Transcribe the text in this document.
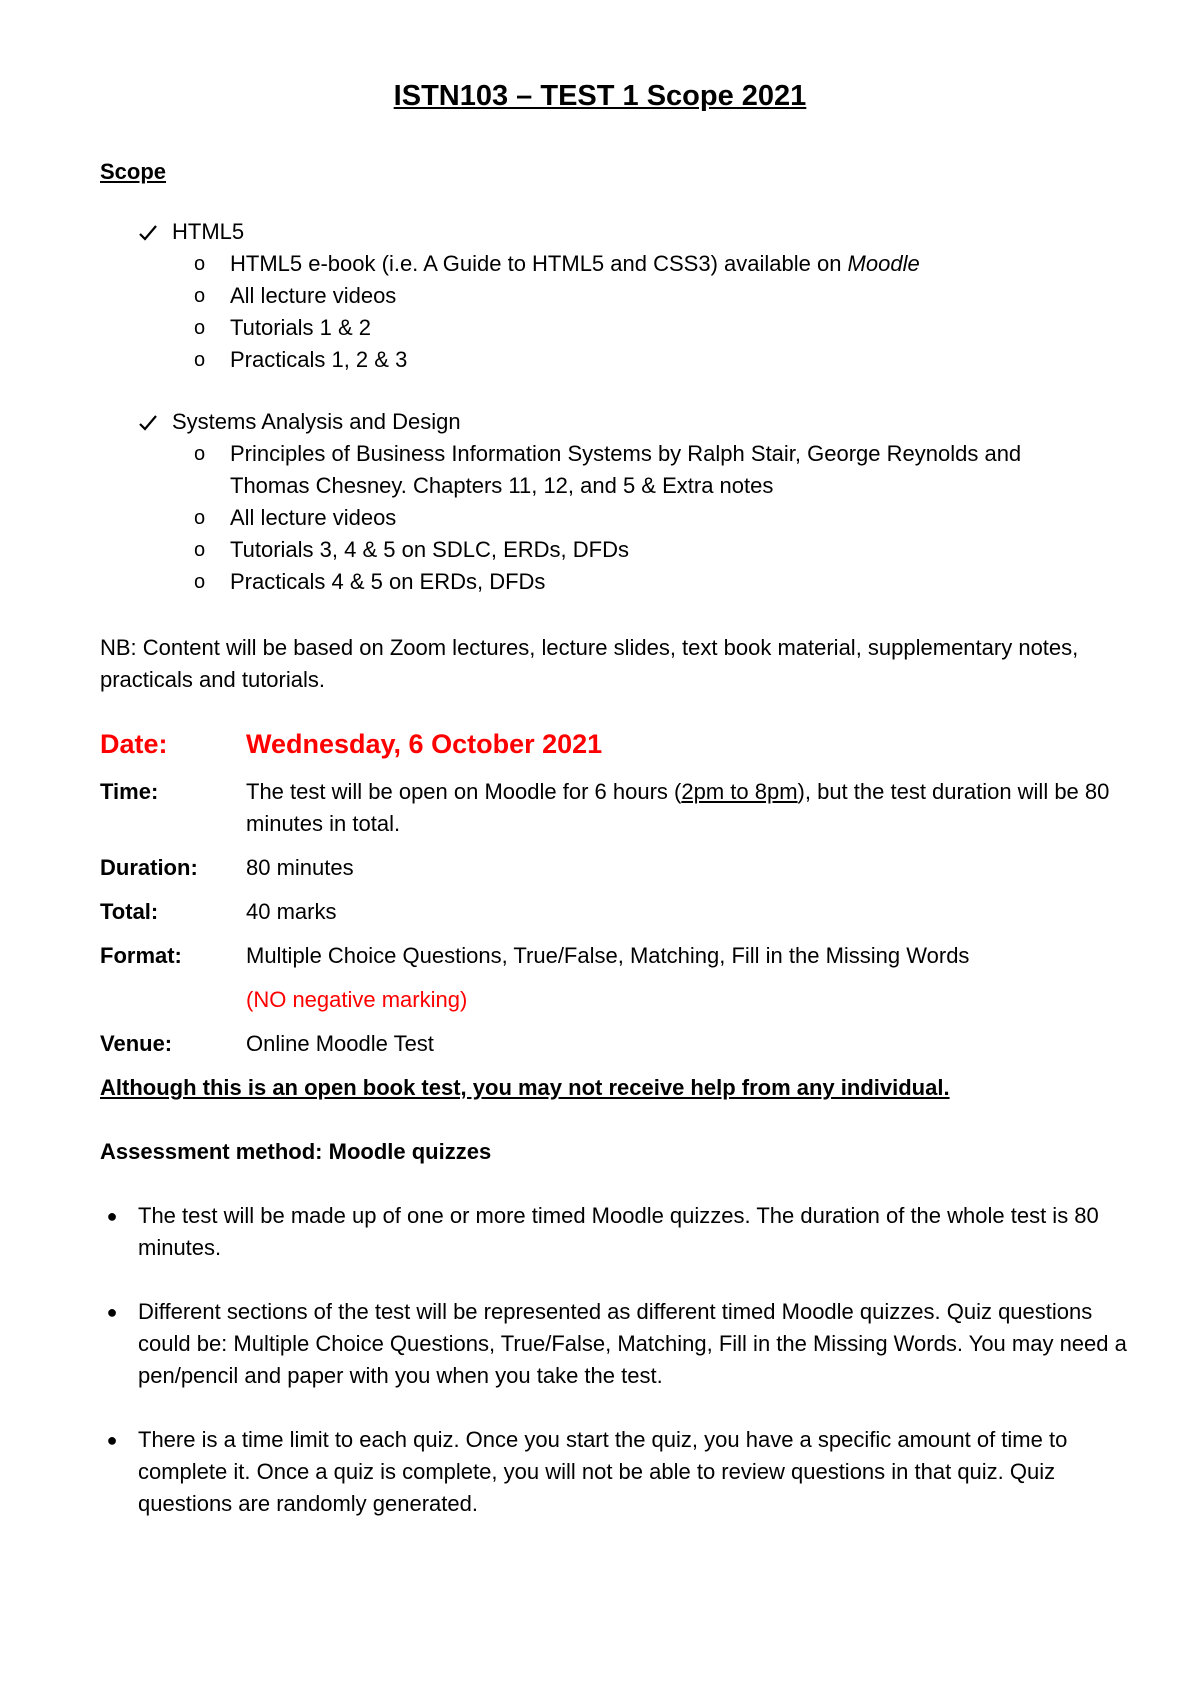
ISTN103 – TEST 1 Scope 2021
Scope
HTML5
o HTML5 e-book (i.e. A Guide to HTML5 and CSS3) available on Moodle
o All lecture videos
o Tutorials 1 & 2
o Practicals 1, 2 & 3
Systems Analysis and Design
o Principles of Business Information Systems by Ralph Stair, George Reynolds and
Thomas Chesney. Chapters 11, 12, and 5 & Extra notes
o All lecture videos
o Tutorials 3, 4 & 5 on SDLC, ERDs, DFDs
o Practicals 4 & 5 on ERDs, DFDs
NB: Content will be based on Zoom lectures, lecture slides, text book material, supplementary notes, practicals and tutorials.
Date:	Wednesday, 6 October 2021
Time:	The test will be open on Moodle for 6 hours (2pm to 8pm), but the test duration will be 80 minutes in total.
Duration: 80 minutes
Total:	40 marks
Format:	Multiple Choice Questions, True/False, Matching, Fill in the Missing Words
(NO negative marking)
Venue:	Online Moodle Test
Although this is an open book test, you may not receive help from any individual.
Assessment method: Moodle quizzes
● The test will be made up of one or more timed Moodle quizzes. The duration of the whole test is 80 minutes.
● Different sections of the test will be represented as different timed Moodle quizzes. Quiz questions could be: Multiple Choice Questions, True/False, Matching, Fill in the Missing Words. You may need a pen/pencil and paper with you when you take the test.
● There is a time limit to each quiz. Once you start the quiz, you have a specific amount of time to complete it. Once a quiz is complete, you will not be able to review questions in that quiz. Quiz questions are randomly generated.
